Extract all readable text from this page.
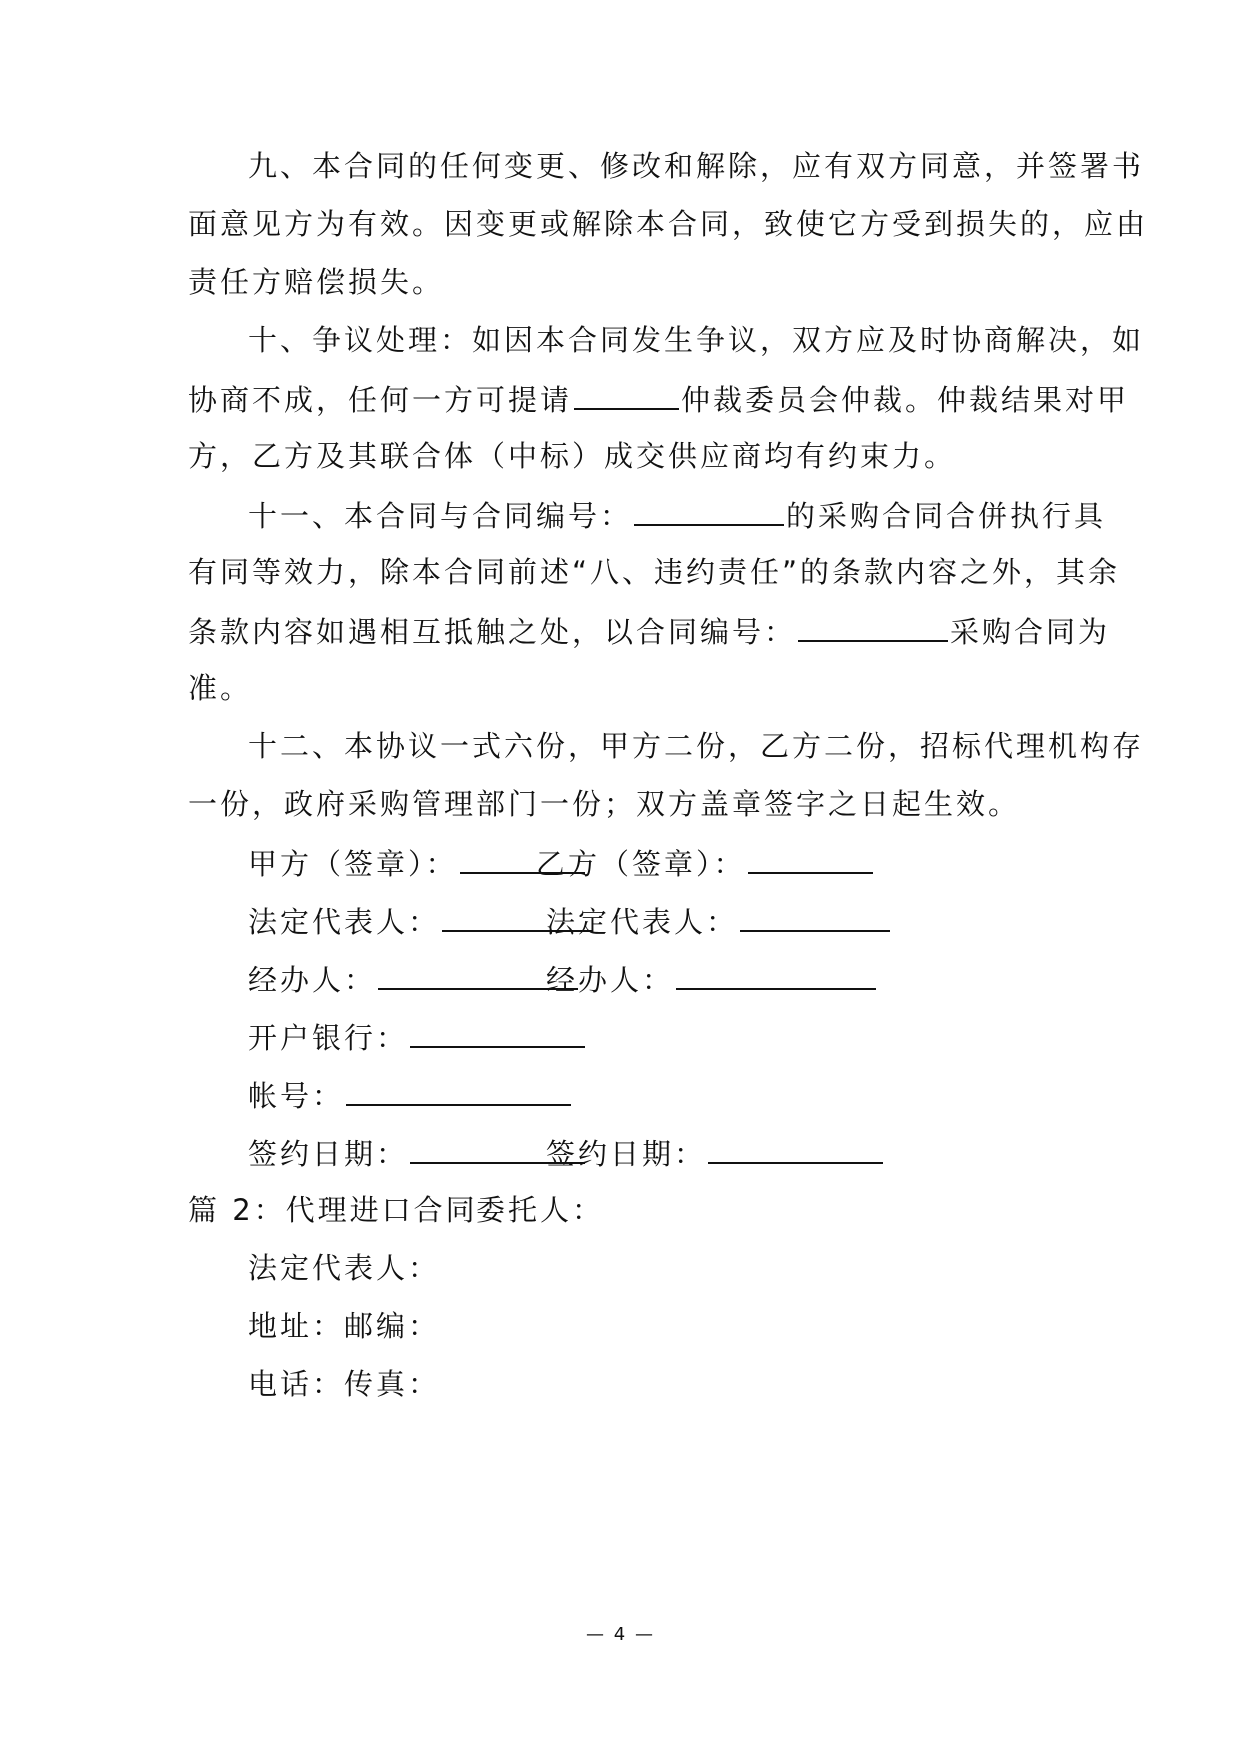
九、本合同的任何变更、修改和解除，应有双方同意，并签署书
面意见方为有效。因变更或解除本合同，致使它方受到损失的，应由
责任方赔偿损失。
十、争议处理：如因本合同发生争议，双方应及时协商解决，如
协商不成，任何一方可提请	仲裁委员会仲裁。仲裁结果对甲
方，乙方及其联合体（中标）成交供应商均有约束力。
十一、本合同与合同编号：	的采购合同合併执行具
有同等效力，除本合同前述“八、违约责任”的条款内容之外，其余
条款内容如遇相互抵触之处，以合同编号：	采购合同为
准。
十二、本协议一式六份，甲方二份，乙方二份，招标代理机构存
一份，政府采购管理部门一份；双方盖章签字之日起生效。
甲方（签章）：	乙方（签章）：
法定代表人：	法定代表人：
经办人：	经办人：
开户银行：
帐号：
签约日期：	签约日期：
篇 2：代理进口合同
委托人：
法定代表人：
地址：邮编：
电话：传真：
— 4 —
